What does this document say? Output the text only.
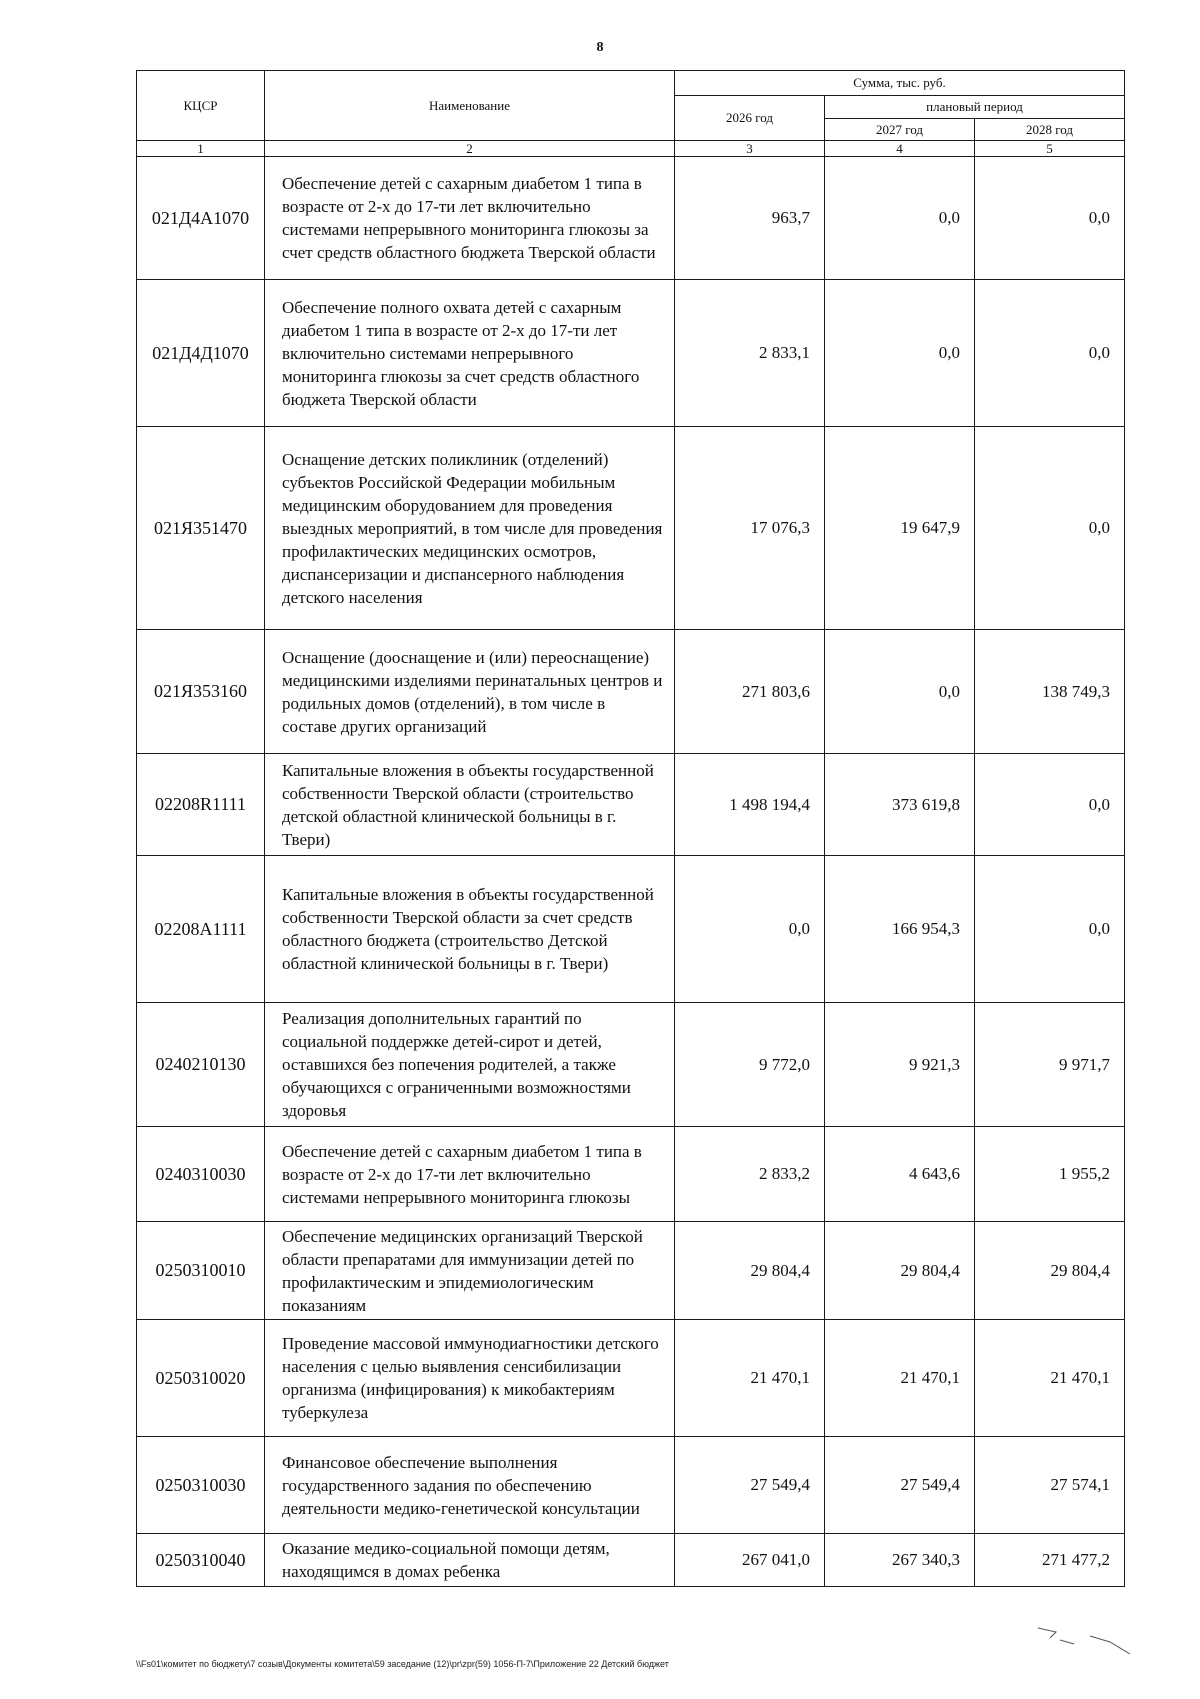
8
КЦСР	Наименование	Сумма, тыс. руб.		
		2026 год	плановый период	
			2027 год	2028 год
1	2	3	4	5
021Д4А1070	Обеспечение детей с сахарным диабетом 1 типа в возрасте от 2-х до 17-ти лет включительно системами непрерывного мониторинга глюкозы за счет средств областного бюджета Тверской области	963,7	0,0	0,0
021Д4Д1070	Обеспечение полного охвата детей с сахарным диабетом 1 типа в возрасте от 2-х до 17-ти лет включительно системами непрерывного мониторинга глюкозы за счет средств областного бюджета Тверской области	2 833,1	0,0	0,0
021Я351470	Оснащение детских поликлиник (отделений) субъектов Российской Федерации мобильным медицинским оборудованием для проведения выездных мероприятий, в том числе для проведения профилактических медицинских осмотров, диспансеризации и диспансерного наблюдения детского населения	17 076,3	19 647,9	0,0
021Я353160	Оснащение (дооснащение и (или) переоснащение) медицинскими изделиями перинатальных центров и родильных домов (отделений), в том числе в составе других организаций	271 803,6	0,0	138 749,3
02208R1111	Капитальные вложения в объекты государственной собственности Тверской области (строительство детской областной клинической больницы в г. Твери)	1 498 194,4	373 619,8	0,0
02208A1111	Капитальные вложения в объекты государственной собственности Тверской области за счет средств областного бюджета (строительство Детской областной клинической больницы в г. Твери)	0,0	166 954,3	0,0
0240210130	Реализация дополнительных гарантий по социальной поддержке детей-сирот и детей, оставшихся без попечения родителей, а также обучающихся с ограниченными возможностями здоровья	9 772,0	9 921,3	9 971,7
0240310030	Обеспечение детей с сахарным диабетом 1 типа в возрасте от 2-х до 17-ти лет включительно системами непрерывного мониторинга глюкозы	2 833,2	4 643,6	1 955,2
0250310010	Обеспечение медицинских организаций Тверской области препаратами для иммунизации детей по профилактическим и эпидемиологическим показаниям	29 804,4	29 804,4	29 804,4
0250310020	Проведение массовой иммунодиагностики детского населения с целью выявления сенсибилизации организма (инфицирования) к микобактериям туберкулеза	21 470,1	21 470,1	21 470,1
0250310030	Финансовое обеспечение выполнения государственного задания по обеспечению деятельности медико-генетической консультации	27 549,4	27 549,4	27 574,1
0250310040	Оказание медико-социальной помощи детям, находящимся в домах ребенка	267 041,0	267 340,3	271 477,2
\\Fs01\комитет по бюджету\7 созыв\Документы комитета\59 заседание (12)\pr\zpr(59) 1056-П-7\Приложение 22 Детский бюджет
